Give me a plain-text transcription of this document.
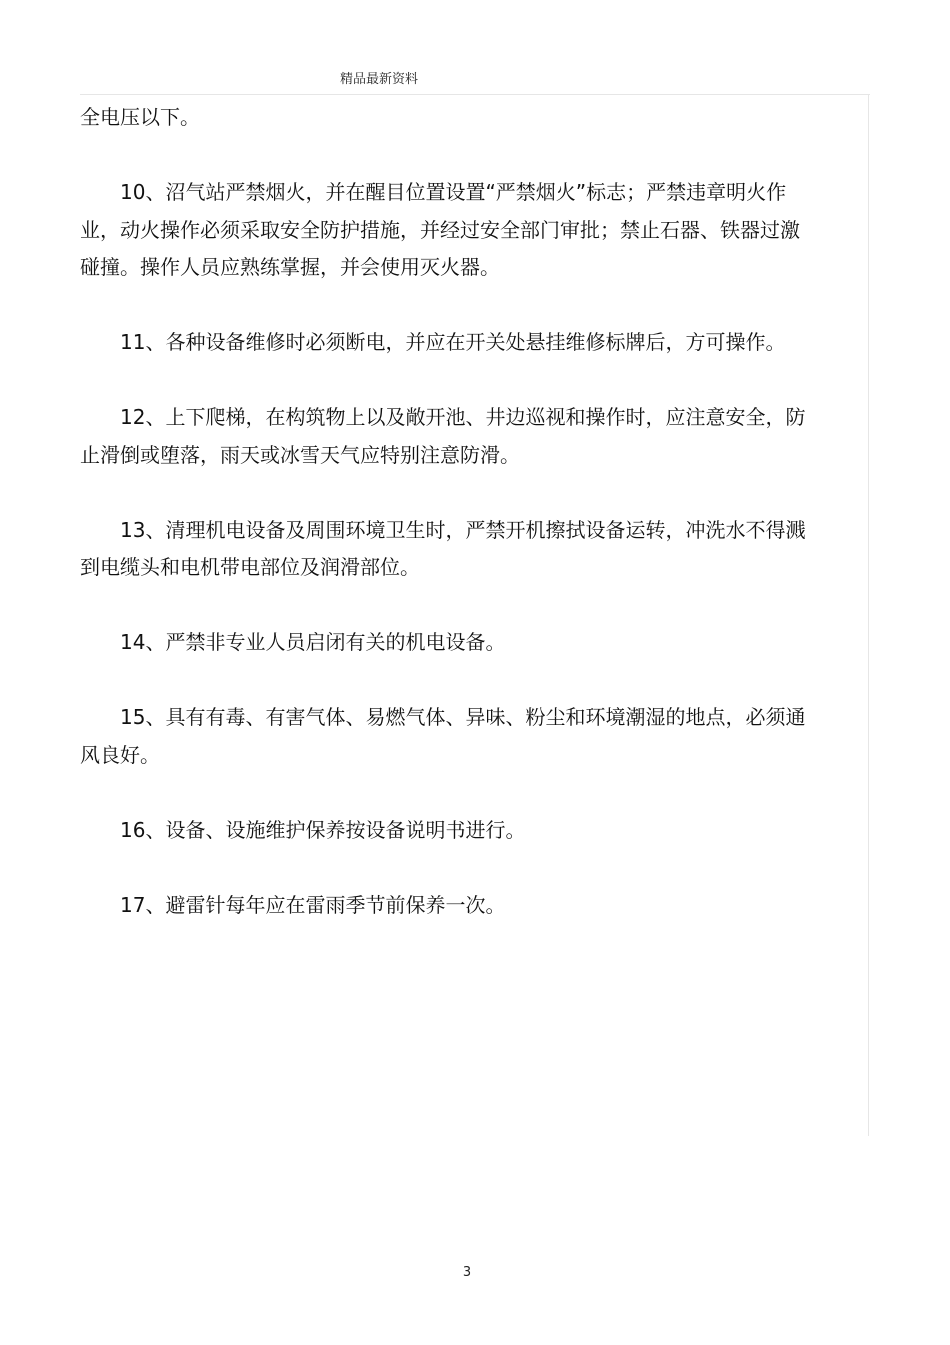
精品最新资料

全电压以下。

10、沼气站严禁烟火，并在醒目位置设置“严禁烟火”标志；严禁违章明火作业，动火操作必须采取安全防护措施，并经过安全部门审批；禁止石器、铁器过激碰撞。操作人员应熟练掌握，并会使用灭火器。

11、各种设备维修时必须断电，并应在开关处悬挂维修标牌后，方可操作。

12、上下爬梯，在构筑物上以及敞开池、井边巡视和操作时，应注意安全，防止滑倒或堕落，雨天或冰雪天气应特别注意防滑。

13、清理机电设备及周围环境卫生时，严禁开机擦拭设备运转，冲洗水不得溅到电缆头和电机带电部位及润滑部位。

14、严禁非专业人员启闭有关的机电设备。

15、具有有毒、有害气体、易燃气体、异味、粉尘和环境潮湿的地点，必须通风良好。

16、设备、设施维护保养按设备说明书进行。

17、避雷针每年应在雷雨季节前保养一次。

3
